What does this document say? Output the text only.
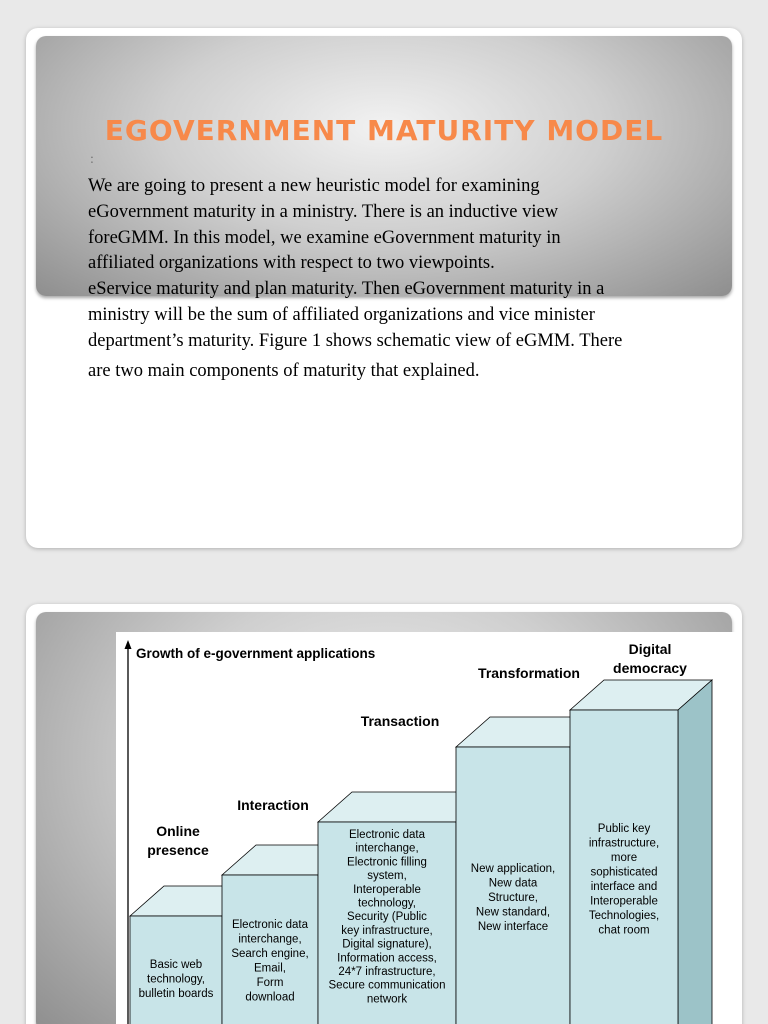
EGOVERNMENT MATURITY MODEL
:
We are going to present a new heuristic model for examining
eGovernment maturity in a ministry. There is an inductive view
foreGMM. In this model, we examine eGovernment maturity in
affiliated organizations with respect to two viewpoints.
eService maturity and plan maturity. Then eGovernment maturity in a
ministry will be the sum of affiliated organizations and vice minister
department’s maturity. Figure 1 shows schematic view of eGMM. There
are two main components of maturity that explained.
Growth of e-government applications
Online
presence
Basic web
technology,
bulletin boards
Interaction
Electronic data
interchange,
Search engine,
Email,
Form
download
Transaction
Electronic data
interchange,
Electronic filling
system,
Interoperable
technology,
Security (Public
key infrastructure,
Digital signature),
Information access,
24*7 infrastructure,
Secure communication
network
Transformation
New application,
New data
Structure,
New standard,
New interface
Digital
democracy
Public key
infrastructure,
more
sophisticated
interface and
Interoperable
Technologies,
chat room
